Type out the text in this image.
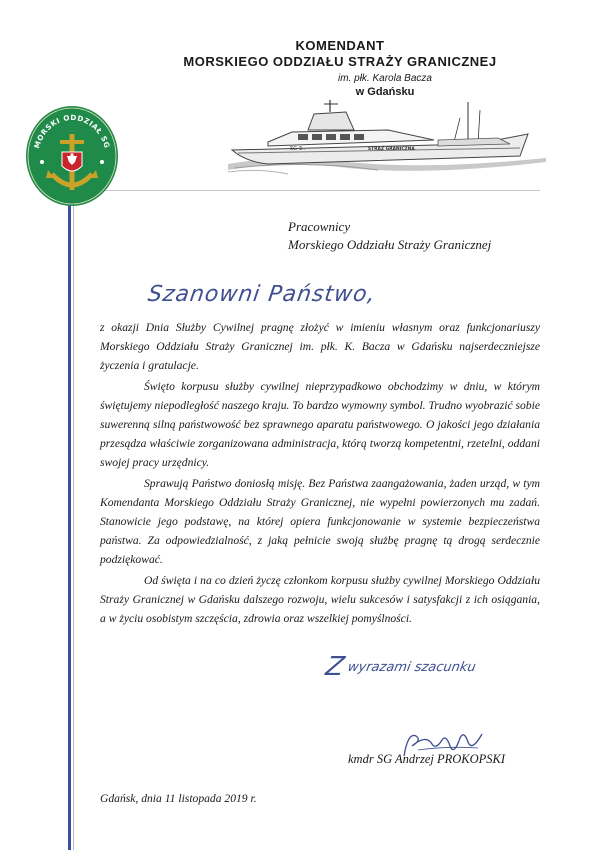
MORSKI ODDZIAŁ SG
KOMENDANT
MORSKIEGO ODDZIAŁU STRAŻY GRANICZNEJ
im. płk. Karola Bacza
w Gdańsku
SG-3..	STRAŻ GRANICZNA
Pracownicy
Morskiego Oddziału Straży Granicznej
Szanowni Państwo,

z okazji Dnia Służby Cywilnej pragnę złożyć w imieniu własnym oraz funkcjonariuszy Morskiego Oddziału Straży Granicznej im. płk. K. Bacza w Gdańsku najserdeczniejsze życzenia i gratulacje.

Święto korpusu służby cywilnej nieprzypadkowo obchodzimy w dniu, w którym świętujemy niepodległość naszego kraju. To bardzo wymowny symbol. Trudno wyobrazić sobie suwerenną silną państwowość bez sprawnego aparatu państwowego. O jakości jego działania przesądza właściwie zorganizowana administracja, którą tworzą kompetentni, rzetelni, oddani swojej pracy urzędnicy.

Sprawują Państwo doniosłą misję. Bez Państwa zaangażowania, żaden urząd, w tym Komendanta Morskiego Oddziału Straży Granicznej, nie wypełni powierzonych mu zadań. Stanowicie jego podstawę, na której opiera funkcjonowanie w systemie bezpieczeństwa państwa. Za odpowiedzialność, z jaką pełnicie swoją służbę pragnę tą drogą serdecznie podziękować.

Od święta i na co dzień życzę członkom korpusu służby cywilnej Morskiego Oddziału Straży Granicznej w Gdańsku dalszego rozwoju, wielu sukcesów i satysfakcji z ich osiągania, a w życiu osobistym szczęścia, zdrowia oraz wszelkiej pomyślności.

Z wyrazami szacunku
kmdr SG Andrzej PROKOPSKI
Gdańsk, dnia 11 listopada 2019 r.
